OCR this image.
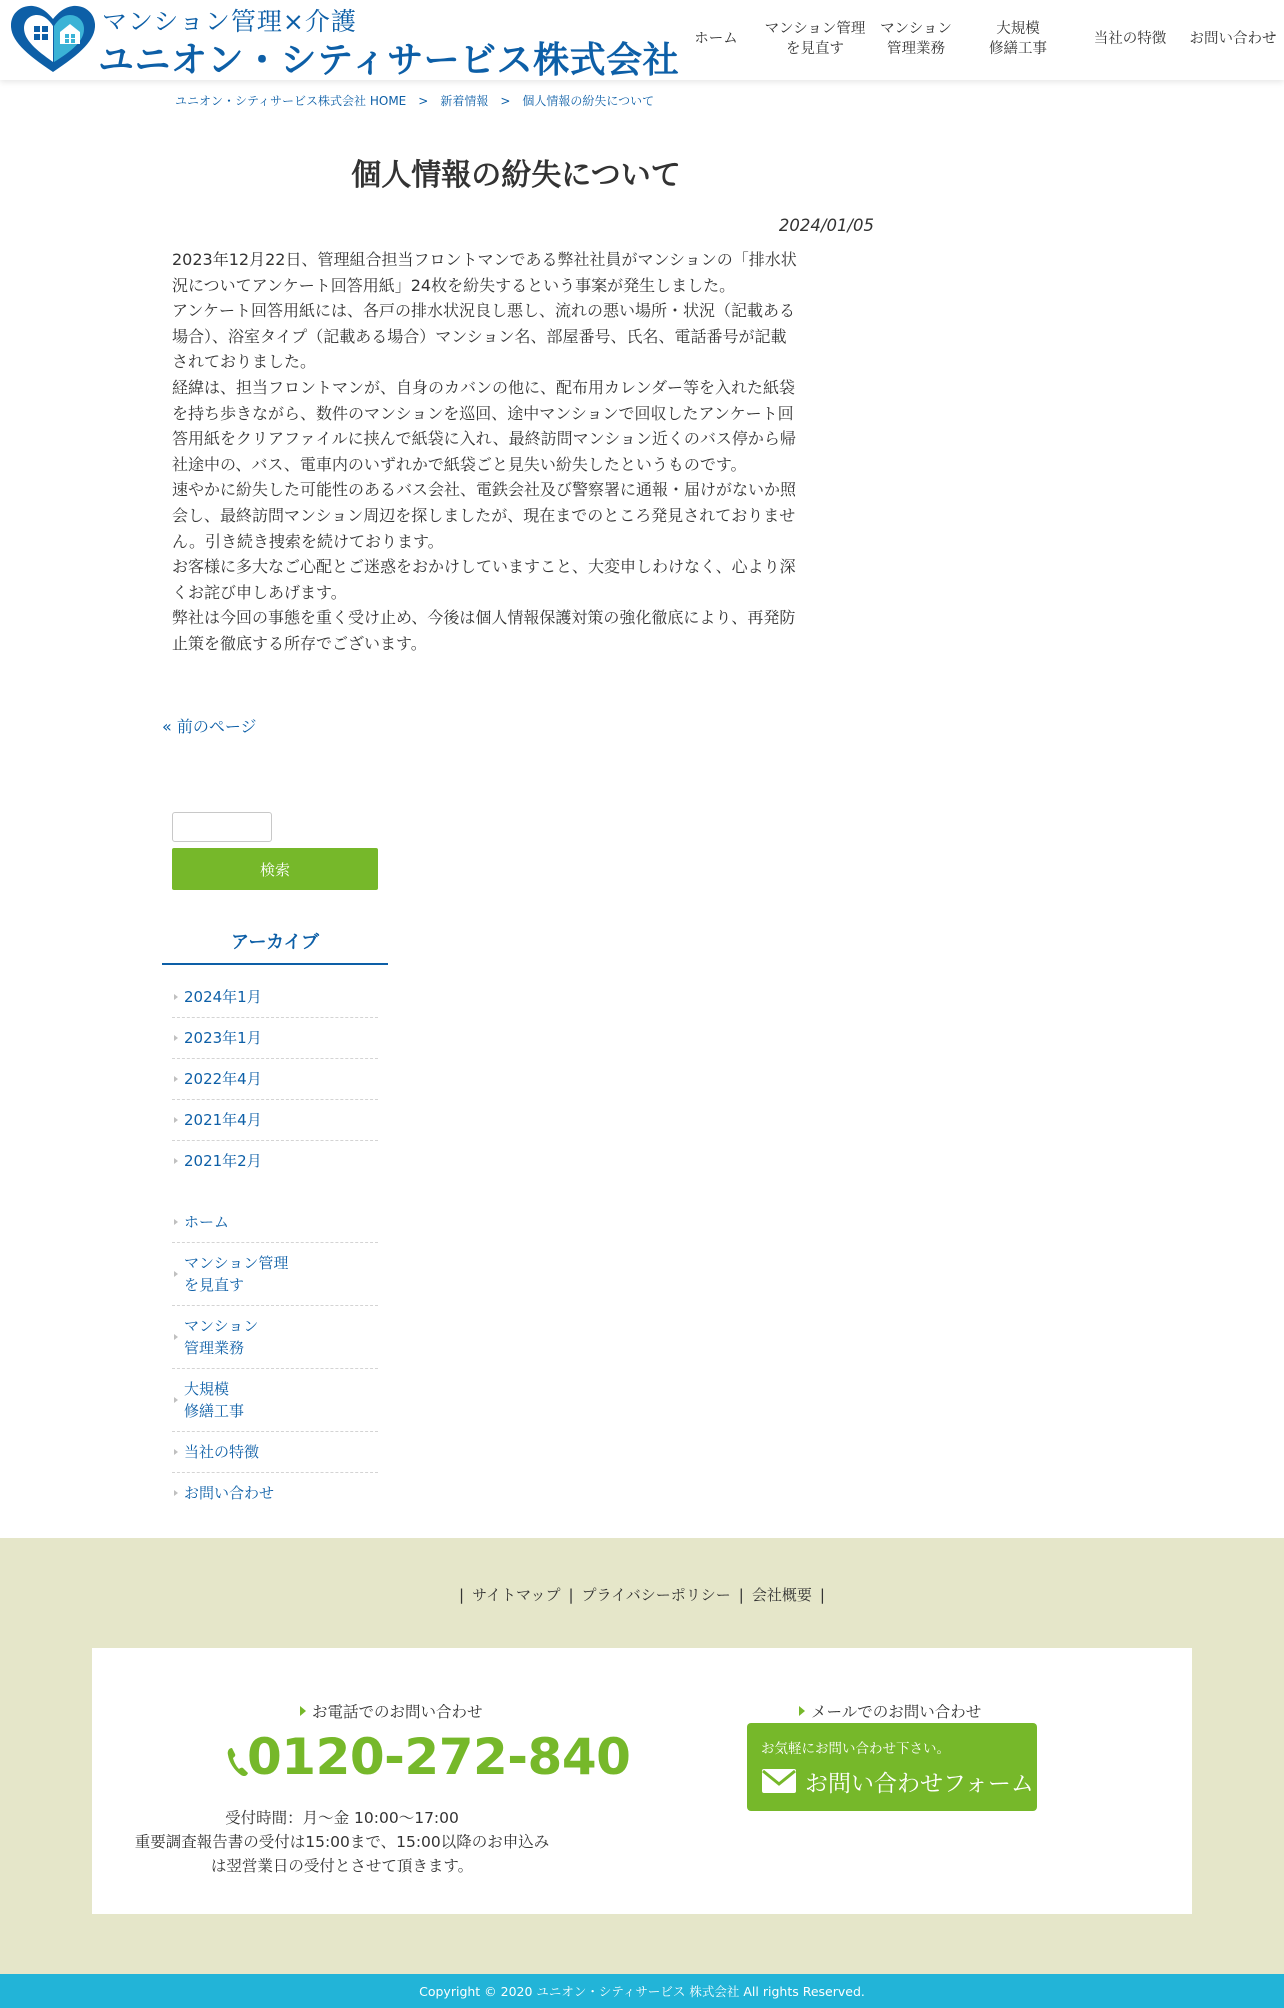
マンション管理×介護
ユニオン・シティサービス株式会社
ホーム
マンション管理
を見直す
マンション
管理業務
大規模
修繕工事
当社の特徴	お問い合わせ
ユニオン・シティサービス株式会社 HOME > 新着情報 > 個人情報の紛失について
個人情報の紛失について
2024/01/05

2023年12月22日、管理組合担当フロントマンである弊社社員がマンションの「排水状況についてアンケート回答用紙」24枚を紛失するという事案が発生しました。

アンケート回答用紙には、各戸の排水状況良し悪し、流れの悪い場所・状況（記載ある場合）、浴室タイプ（記載ある場合）マンション名、部屋番号、氏名、電話番号が記載されておりました。

経緯は、担当フロントマンが、自身のカバンの他に、配布用カレンダー等を入れた紙袋を持ち歩きながら、数件のマンションを巡回、途中マンションで回収したアンケート回答用紙をクリアファイルに挟んで紙袋に入れ、最終訪問マンション近くのバス停から帰社途中の、バス、電車内のいずれかで紙袋ごと見失い紛失したというものです。

速やかに紛失した可能性のあるバス会社、電鉄会社及び警察署に通報・届けがないか照会し、最終訪問マンション周辺を探しましたが、現在までのところ発見されておりません。引き続き捜索を続けております。

お客様に多大なご心配とご迷惑をおかけしていますこと、大変申しわけなく、心より深くお詫び申しあげます。

弊社は今回の事態を重く受け止め、今後は個人情報保護対策の強化徹底により、再発防止策を徹底する所存でございます。

« 前のページ
検索
アーカイブ
2024年1月
2023年1月
2022年4月
2021年4月
2021年2月
ホーム
マンション管理
を見直す
マンション
管理業務
大規模
修繕工事
当社の特徴
お問い合わせ
| サイトマップ | プライバシーポリシー | 会社概要 |
お電話でのお問い合わせ
0120-272-840
受付時間：月～金 10:00～17:00
重要調査報告書の受付は15:00まで、15:00以降のお申込みは翌営業日の受付とさせて頂きます。
メールでのお問い合わせ
お気軽にお問い合わせ下さい。
お問い合わせフォーム
Copyright © 2020 ユニオン・シティサービス 株式会社 All rights Reserved.
